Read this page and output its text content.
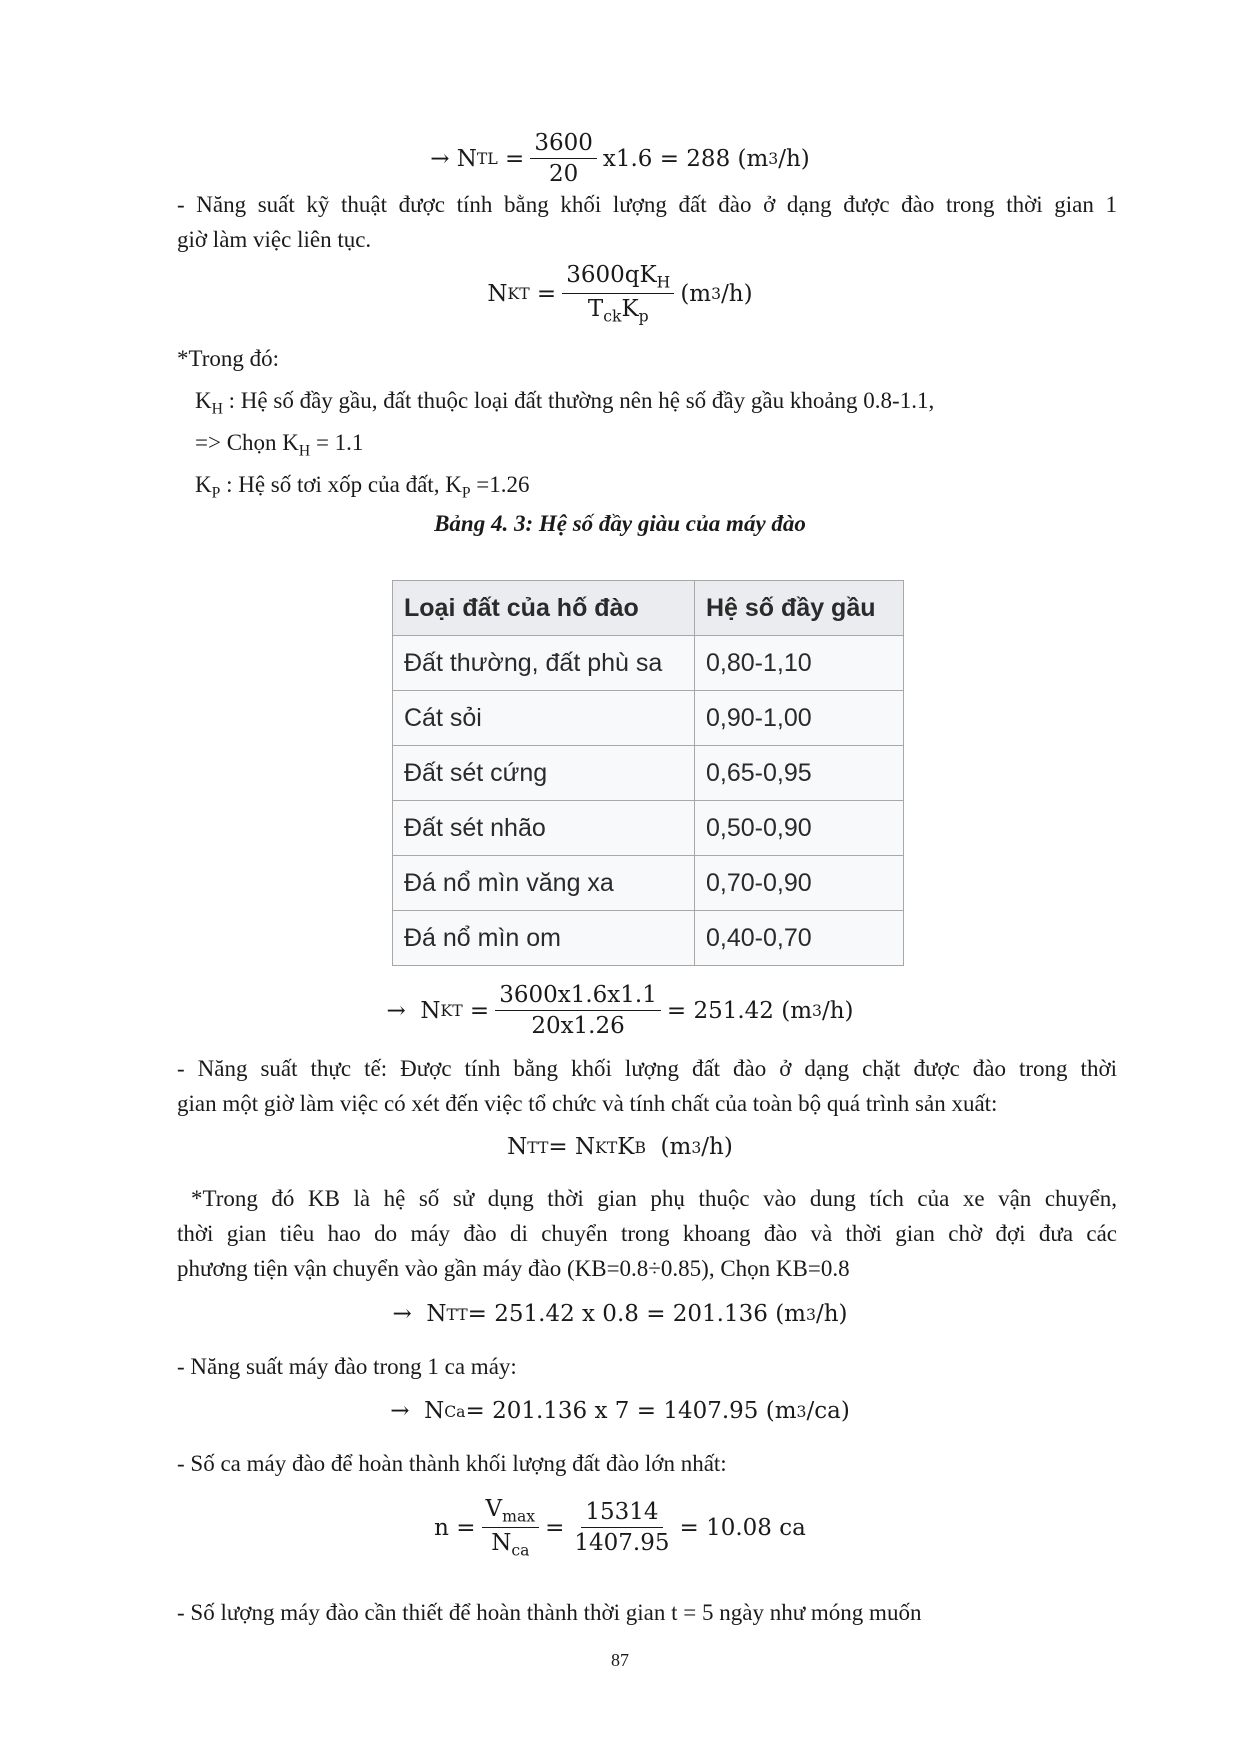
→
N TL = $\frac{3600}{20} x1.6 = 288$ (m 3 /h)
- Năng suất kỹ thuật được tính bằng khối lượng đất đào ở dạng được đào trong thời gian 1
giờ làm việc liên tục.
N KT = $\frac{3600qK_H}{T_{ck}K_p} (m$ 3 /h)
*Trong đó:
$K_H$ : Hệ số đầy gầu, đất thuộc loại đất thường nên hệ số đầy gầu khoảng 0.8-1.1,
=> Chọn $K_H = 1.1$
$K_P$ : Hệ số tơi xốp của đất, $K_P =1.26$
Bảng 4. 3: Hệ số đầy giàu của máy đào
Loại đất của hố đào	Hệ số đầy gầu
Đất thường, đất phù sa	0,80-1,10
Cát sỏi	0,90-1,00
Đất sét cứng	0,65-0,95
Đất sét nhão	0,50-0,90
Đá nổ mìn văng xa	0,70-0,90
Đá nổ mìn om	0,40-0,70
→
N KT = $\frac{3600x1.6x1.1}{20x1.26} = 251.42$ (m 3 /h)
- Năng suất thực tế: Được tính bằng khối lượng đất đào ở dạng chặt được đào trong thời
gian một giờ làm việc có xét đến việc tổ chức và tính chất của toàn bộ quá trình sản xuất:
N TT = N KT K B
(m 3 /h)
*Trong đó KB là hệ số sử dụng thời gian phụ thuộc vào dung tích của xe vận chuyển,
thời gian tiêu hao do máy đào di chuyển trong khoang đào và thời gian chờ đợi đưa các
phương tiện vận chuyển vào gần máy đào (KB=0.8÷0.85), Chọn KB=0.8
→
N TT = 251.42 x 0.8 = 201.136 (m 3 /h)
- Năng suất máy đào trong 1 ca máy:
→
N Ca = 201.136 x 7 = 1407.95 (m 3 /ca)
- Số ca máy đào để hoàn thành khối lượng đất đào lớn nhất:
$n = \frac{V_{max}}{N_{ca}} = \frac{15314}{1407.95} = 10.08$ ca
- Số lượng máy đào cần thiết để hoàn thành thời gian t = 5 ngày như móng muốn
87
